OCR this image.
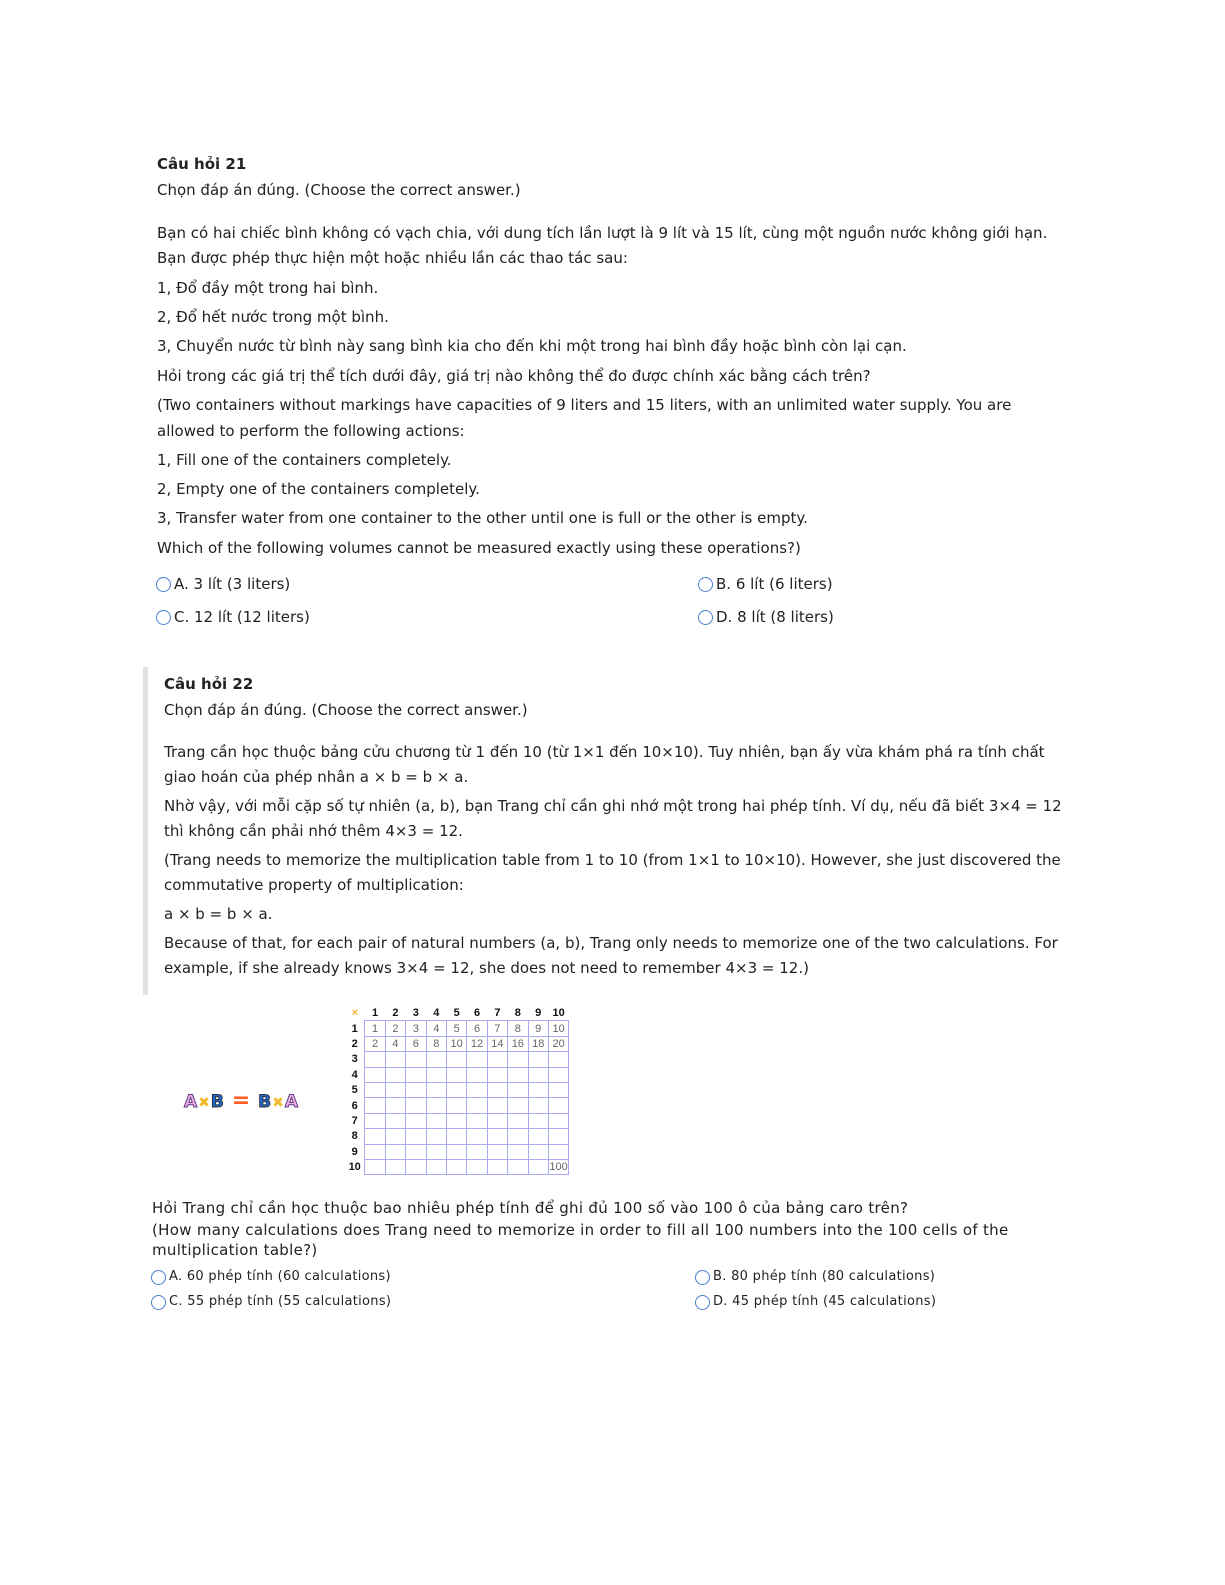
Câu hỏi 21
Chọn đáp án đúng. (Choose the correct answer.)
Bạn có hai chiếc bình không có vạch chia, với dung tích lần lượt là 9 lít và 15 lít, cùng một nguồn nước không giới hạn.
Bạn được phép thực hiện một hoặc nhiều lần các thao tác sau:
1, Đổ đầy một trong hai bình.
2, Đổ hết nước trong một bình.
3, Chuyển nước từ bình này sang bình kia cho đến khi một trong hai bình đầy hoặc bình còn lại cạn.
Hỏi trong các giá trị thể tích dưới đây, giá trị nào không thể đo được chính xác bằng cách trên?
(Two containers without markings have capacities of 9 liters and 15 liters, with an unlimited water supply. You are
allowed to perform the following actions:
1, Fill one of the containers completely.
2, Empty one of the containers completely.
3, Transfer water from one container to the other until one is full or the other is empty.
Which of the following volumes cannot be measured exactly using these operations?)
A. 3 lít (3 liters)	B. 6 lít (6 liters)
C. 12 lít (12 liters)	D. 8 lít (8 liters)
Câu hỏi 22
Chọn đáp án đúng. (Choose the correct answer.)
Trang cần học thuộc bảng cửu chương từ 1 đến 10 (từ 1×1 đến 10×10). Tuy nhiên, bạn ấy vừa khám phá ra tính chất
giao hoán của phép nhân a × b = b × a.
Nhờ vậy, với mỗi cặp số tự nhiên (a, b), bạn Trang chỉ cần ghi nhớ một trong hai phép tính. Ví dụ, nếu đã biết 3×4 = 12
thì không cần phải nhớ thêm 4×3 = 12.
(Trang needs to memorize the multiplication table from 1 to 10 (from 1×1 to 10×10). However, she just discovered the
commutative property of multiplication:
a × b = b × a.
Because of that, for each pair of natural numbers (a, b), Trang only needs to memorize one of the two calculations. For
example, if she already knows 3×4 = 12, she does not need to remember 4×3 = 12.)
A✖B = B✖A
×	1	2	3	4	5	6	7	8	9	10
1	1	2	3	4	5	6	7	8	9	10
2	2	4	6	8	10	12	14	16	18	20
3										
4										
5										
6										
7										
8										
9										
10										100
Hỏi Trang chỉ cần học thuộc bao nhiêu phép tính để ghi đủ 100 số vào 100 ô của bảng caro trên?
(How many calculations does Trang need to memorize in order to fill all 100 numbers into the 100 cells of the
multiplication table?)
A. 60 phép tính (60 calculations)	B. 80 phép tính (80 calculations)
C. 55 phép tính (55 calculations)	D. 45 phép tính (45 calculations)
